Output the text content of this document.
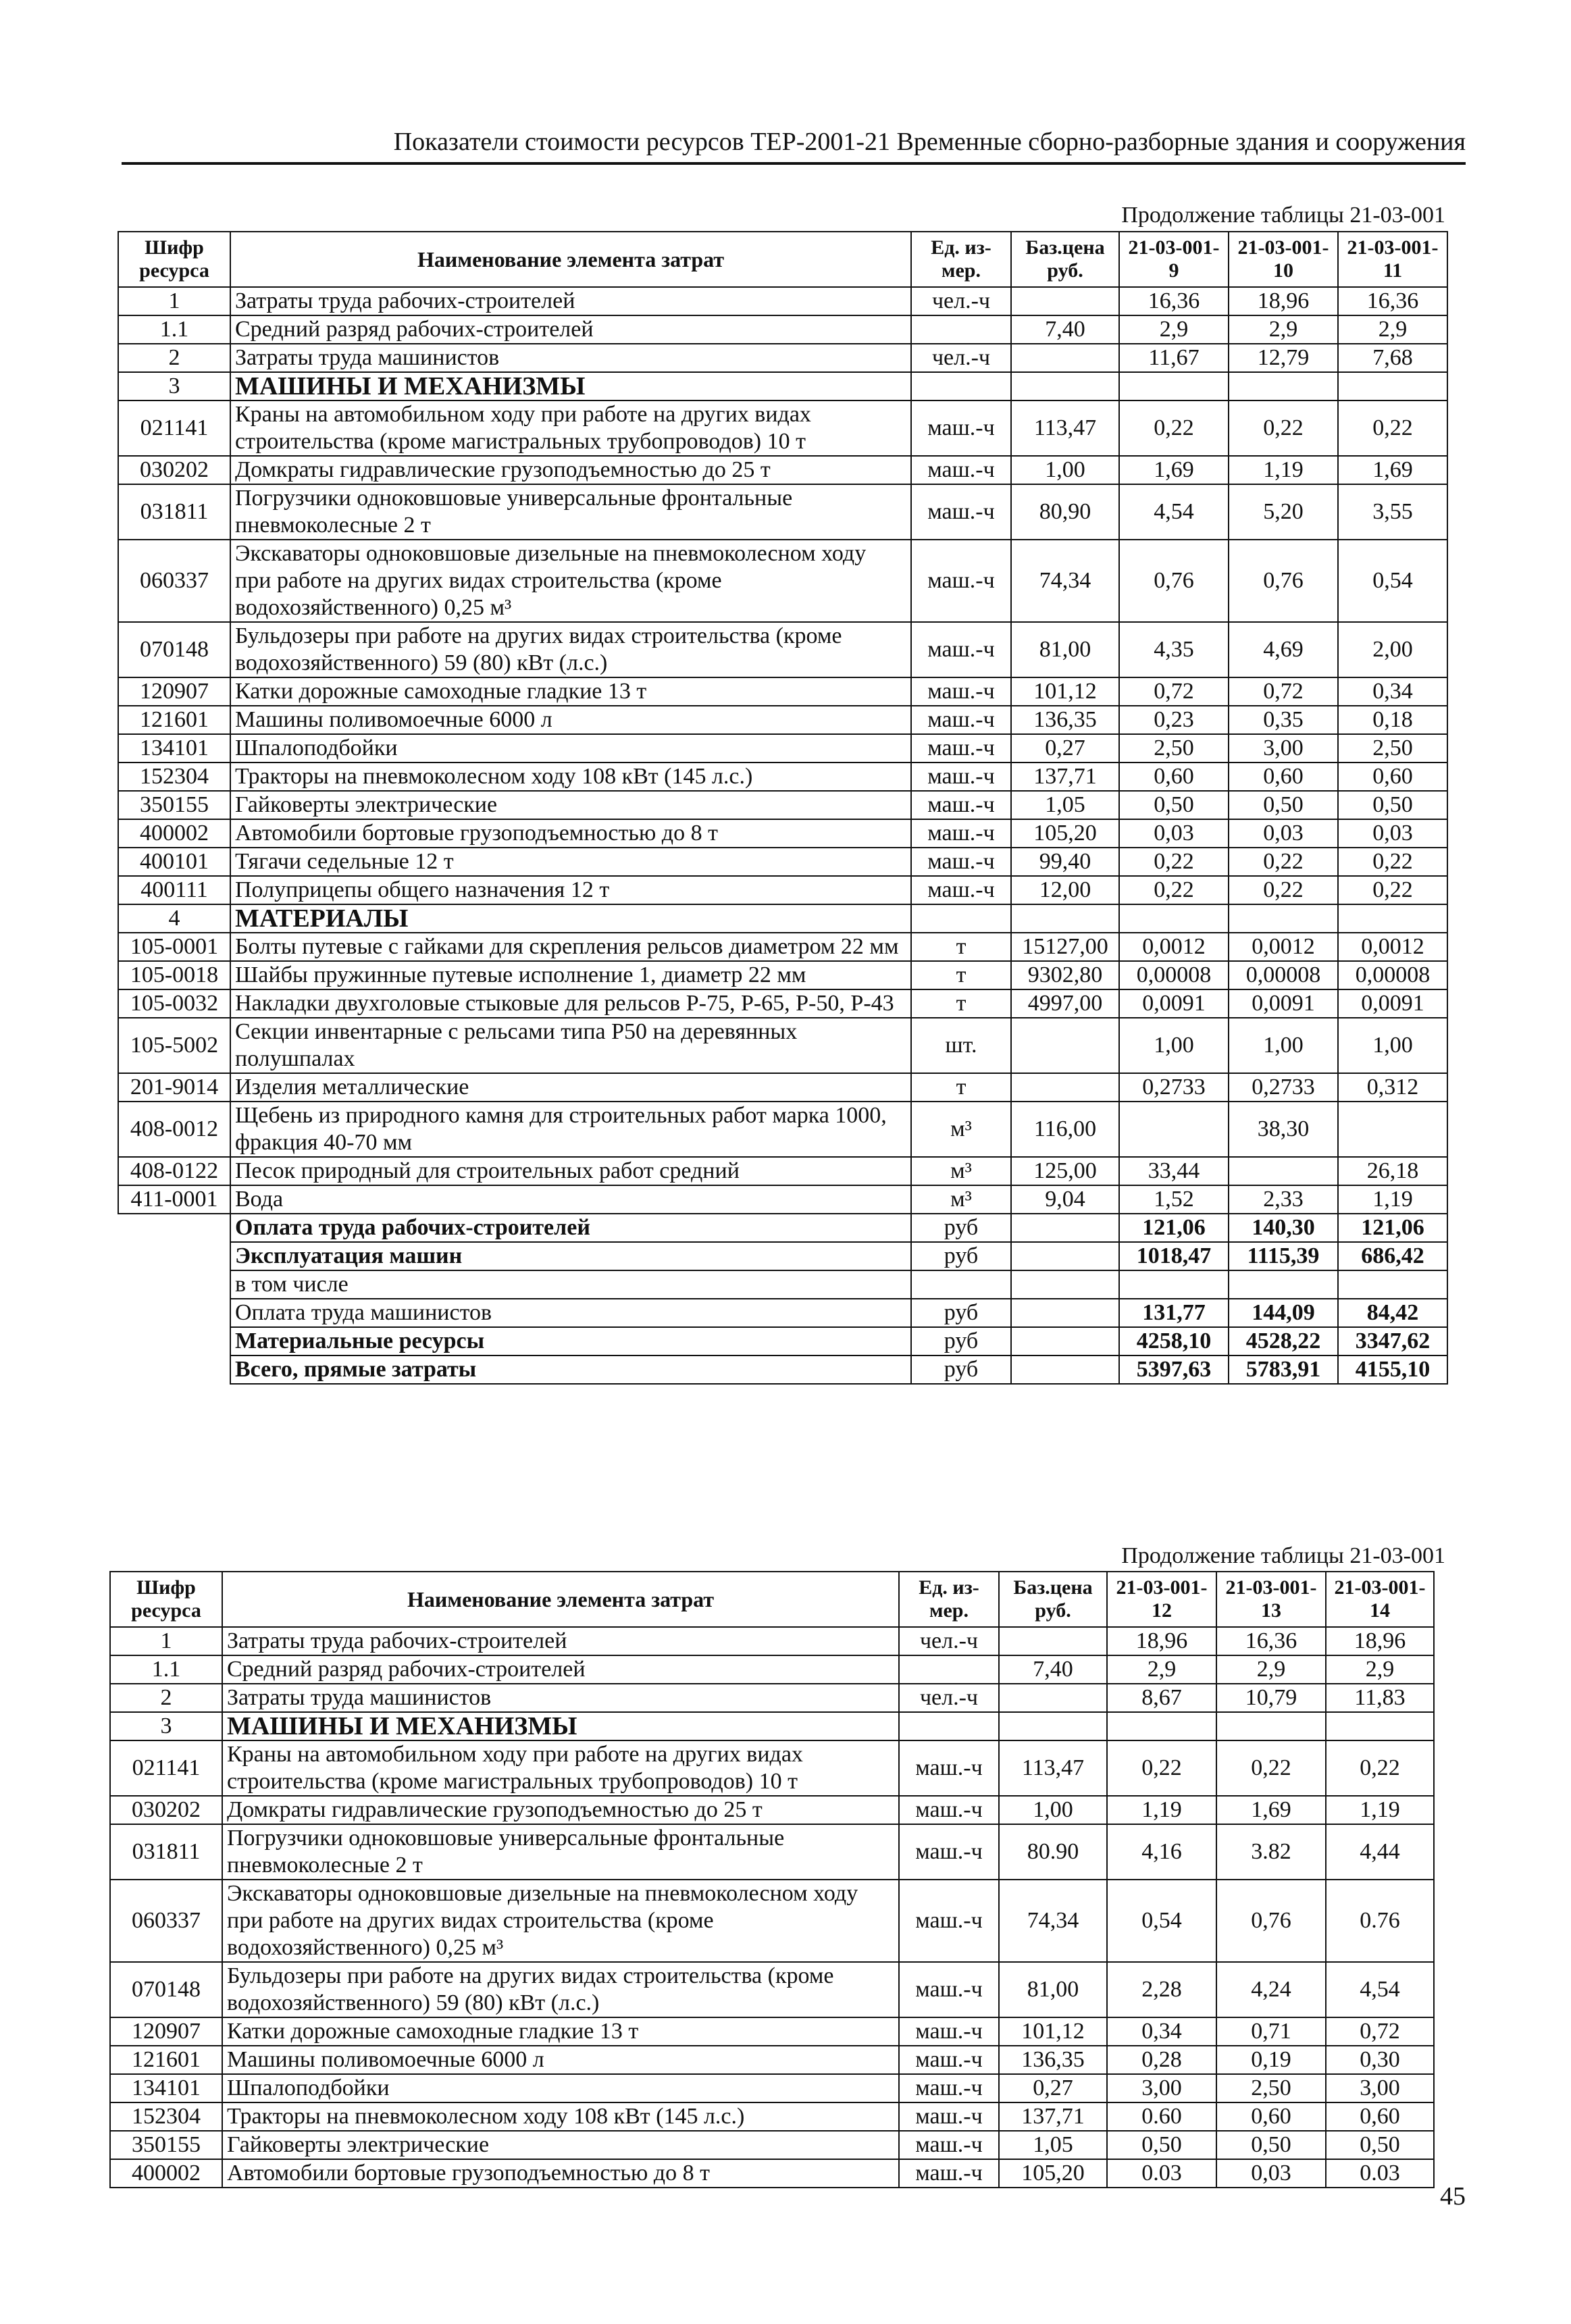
Показатели стоимости ресурсов ТЕР-2001-21 Временные сборно-разборные здания и сооружения
Продолжение таблицы 21-03-001
Шифр ресурса	Наименование элемента затрат	Ед. из-мер.	Баз.цена руб.	21-03-001-9	21-03-001-10	21-03-001-11
1	Затраты труда рабочих-строителей	чел.-ч		16,36	18,96	16,36
1.1	Средний разряд рабочих-строителей		7,40	2,9	2,9	2,9
2	Затраты труда машинистов	чел.-ч		11,67	12,79	7,68
3	МАШИНЫ И МЕХАНИЗМЫ					
021141	Краны на автомобильном ходу при работе на других видах строительства (кроме магистральных трубопроводов) 10 т	маш.-ч	113,47	0,22	0,22	0,22
030202	Домкраты гидравлические грузоподъемностью до 25 т	маш.-ч	1,00	1,69	1,19	1,69
031811	Погрузчики одноковшовые универсальные фронтальные пневмоколесные 2 т	маш.-ч	80,90	4,54	5,20	3,55
060337	Экскаваторы одноковшовые дизельные на пневмоколесном ходу при работе на других видах строительства (кроме водохозяйственного) 0,25 м³	маш.-ч	74,34	0,76	0,76	0,54
070148	Бульдозеры при работе на других видах строительства (кроме водохозяйственного) 59 (80) кВт (л.с.)	маш.-ч	81,00	4,35	4,69	2,00
120907	Катки дорожные самоходные гладкие 13 т	маш.-ч	101,12	0,72	0,72	0,34
121601	Машины поливомоечные 6000 л	маш.-ч	136,35	0,23	0,35	0,18
134101	Шпалоподбойки	маш.-ч	0,27	2,50	3,00	2,50
152304	Тракторы на пневмоколесном ходу 108 кВт (145 л.с.)	маш.-ч	137,71	0,60	0,60	0,60
350155	Гайковерты электрические	маш.-ч	1,05	0,50	0,50	0,50
400002	Автомобили бортовые грузоподъемностью до 8 т	маш.-ч	105,20	0,03	0,03	0,03
400101	Тягачи седельные 12 т	маш.-ч	99,40	0,22	0,22	0,22
400111	Полуприцепы общего назначения 12 т	маш.-ч	12,00	0,22	0,22	0,22
4	МАТЕРИАЛЫ					
105-0001	Болты путевые с гайками для скрепления рельсов диаметром 22 мм	т	15127,00	0,0012	0,0012	0,0012
105-0018	Шайбы пружинные путевые исполнение 1, диаметр 22 мм	т	9302,80	0,00008	0,00008	0,00008
105-0032	Накладки двухголовые стыковые для рельсов Р-75, Р-65, Р-50, Р-43	т	4997,00	0,0091	0,0091	0,0091
105-5002	Секции инвентарные с рельсами типа Р50 на деревянных полушпалах	шт.		1,00	1,00	1,00
201-9014	Изделия металлические	т		0,2733	0,2733	0,312
408-0012	Щебень из природного камня для строительных работ марка 1000, фракция 40-70 мм	м³	116,00		38,30	
408-0122	Песок природный для строительных работ средний	м³	125,00	33,44		26,18
411-0001	Вода	м³	9,04	1,52	2,33	1,19
	Оплата труда рабочих-строителей	руб		121,06	140,30	121,06
	Эксплуатация машин	руб		1018,47	1115,39	686,42
	в том числе					
	Оплата труда машинистов	руб		131,77	144,09	84,42
	Материальные ресурсы	руб		4258,10	4528,22	3347,62
	Всего, прямые затраты	руб		5397,63	5783,91	4155,10
Продолжение таблицы 21-03-001
Шифр ресурса	Наименование элемента затрат	Ед. из-мер.	Баз.цена руб.	21-03-001-12	21-03-001-13	21-03-001-14
1	Затраты труда рабочих-строителей	чел.-ч		18,96	16,36	18,96
1.1	Средний разряд рабочих-строителей		7,40	2,9	2,9	2,9
2	Затраты труда машинистов	чел.-ч		8,67	10,79	11,83
3	МАШИНЫ И МЕХАНИЗМЫ					
021141	Краны на автомобильном ходу при работе на других видах строительства (кроме магистральных трубопроводов) 10 т	маш.-ч	113,47	0,22	0,22	0,22
030202	Домкраты гидравлические грузоподъемностью до 25 т	маш.-ч	1,00	1,19	1,69	1,19
031811	Погрузчики одноковшовые универсальные фронтальные пневмоколесные 2 т	маш.-ч	80.90	4,16	3.82	4,44
060337	Экскаваторы одноковшовые дизельные на пневмоколесном ходу при работе на других видах строительства (кроме водохозяйственного) 0,25 м³	маш.-ч	74,34	0,54	0,76	0.76
070148	Бульдозеры при работе на других видах строительства (кроме водохозяйственного) 59 (80) кВт (л.с.)	маш.-ч	81,00	2,28	4,24	4,54
120907	Катки дорожные самоходные гладкие 13 т	маш.-ч	101,12	0,34	0,71	0,72
121601	Машины поливомоечные 6000 л	маш.-ч	136,35	0,28	0,19	0,30
134101	Шпалоподбойки	маш.-ч	0,27	3,00	2,50	3,00
152304	Тракторы на пневмоколесном ходу 108 кВт (145 л.с.)	маш.-ч	137,71	0.60	0,60	0,60
350155	Гайковерты электрические	маш.-ч	1,05	0,50	0,50	0,50
400002	Автомобили бортовые грузоподъемностью до 8 т	маш.-ч	105,20	0.03	0,03	0.03
45
